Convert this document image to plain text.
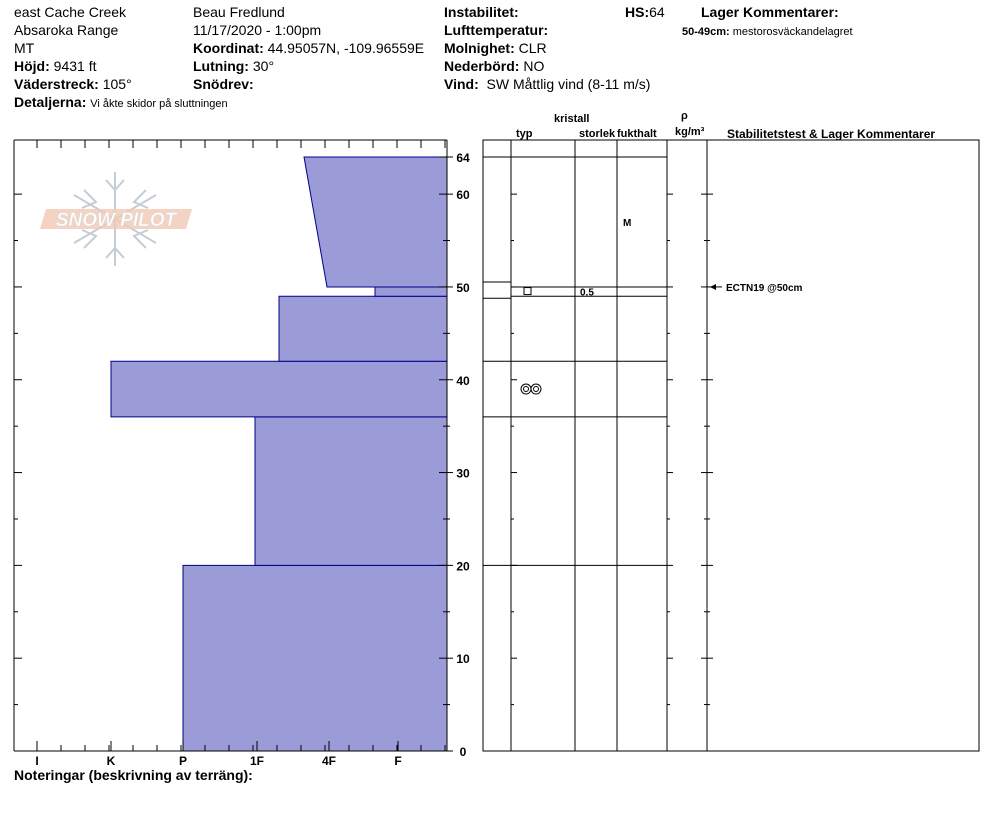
east Cache Creek
Absaroka Range
MT
Höjd: 9431 ft
Väderstreck: 105°
Detaljerna: Vi åkte skidor på sluttningen
Beau Fredlund
11/17/2020 - 1:00pm
Koordinat: 44.95057N, -109.96559E
Lutning: 30°
Snödrev:
Instabilitet:
Lufttemperatur:
Molnighet: CLR
Nederbörd: NO
Vind: SW Måttlig vind (8-11 m/s)
HS:64	Lager Kommentarer:
50-49cm: mestorosväckandelagret
kristall
typ	storlek fukthalt
ρ
kg/m³ Stabilitetstest & Lager Kommentarer
Noteringar (beskrivning av terräng):
SNOW PILOT
I	K	P	1F	4F	F
0
10
20
30
40
50
60
64
M
0.5	ECTN19 @50cm
